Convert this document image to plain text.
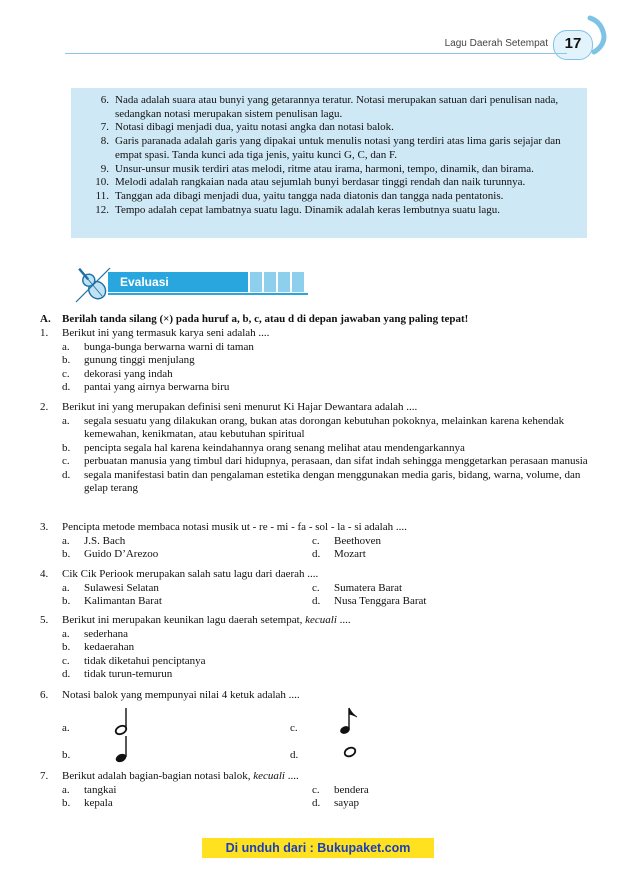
Lagu Daerah Setempat	17
6. Nada adalah suara atau bunyi yang getarannya teratur. Notasi merupakan satuan dari penulisan nada, sedangkan notasi merupakan sistem penulisan lagu.
7. Notasi dibagi menjadi dua, yaitu notasi angka dan notasi balok.
8. Garis paranada adalah garis yang dipakai untuk menulis notasi yang terdiri atas lima garis sejajar dan empat spasi. Tanda kunci ada tiga jenis, yaitu kunci G, C, dan F.
9. Unsur-unsur musik terdiri atas melodi, ritme atau irama, harmoni, tempo, dinamik, dan birama.
10. Melodi adalah rangkaian nada atau sejumlah bunyi berdasar tinggi rendah dan naik turunnya.
11. Tanggan ada dibagi menjadi dua, yaitu tangga nada diatonis dan tangga nada pentatonis.
12. Tempo adalah cepat lambatnya suatu lagu. Dinamik adalah keras lembutnya suatu lagu.
Evaluasi
A.	Berilah tanda silang (×) pada huruf a, b, c, atau d di depan jawaban yang paling tepat!
1.	Berikut ini yang termasuk karya seni adalah ....
a.	bunga-bunga berwarna warni di taman
b.	gunung tinggi menjulang
c.	dekorasi yang indah
d.	pantai yang airnya berwarna biru
2.	Berikut ini yang merupakan definisi seni menurut Ki Hajar Dewantara adalah ....
a.	segala sesuatu yang dilakukan orang, bukan atas dorongan kebutuhan pokoknya, melainkan karena kehendak kemewahan, kenikmatan, atau kebutuhan spiritual
b.	pencipta segala hal karena keindahannya orang senang melihat atau mendengarkannya
c.	perbuatan manusia yang timbul dari hidupnya, perasaan, dan sifat indah sehingga menggetarkan perasaan manusia
d.	segala manifestasi batin dan pengalaman estetika dengan menggunakan media garis, bidang, warna, volume, dan gelap terang
3.	Pencipta metode membaca notasi musik ut - re - mi - fa - sol - la - si adalah ....
a.	J.S. Bach	c.	Beethoven
b.	Guido D’Arezoo	d.	Mozart
4.	Cik Cik Periook merupakan salah satu lagu dari daerah ....
a.	Sulawesi Selatan	c.	Sumatera Barat
b.	Kalimantan Barat	d.	Nusa Tenggara Barat
5.	Berikut ini merupakan keunikan lagu daerah setempat, kecuali ....
a.	sederhana
b.	kedaerahan
c.	tidak diketahui penciptanya
d.	tidak turun-temurun
6.	Notasi balok yang mempunyai nilai 4 ketuk adalah ....
a.	c.
b.	d.
7.	Berikut adalah bagian-bagian notasi balok, kecuali ....
a.	tangkai	c.	bendera
b.	kepala	d.	sayap
Di unduh dari : Bukupaket.com
